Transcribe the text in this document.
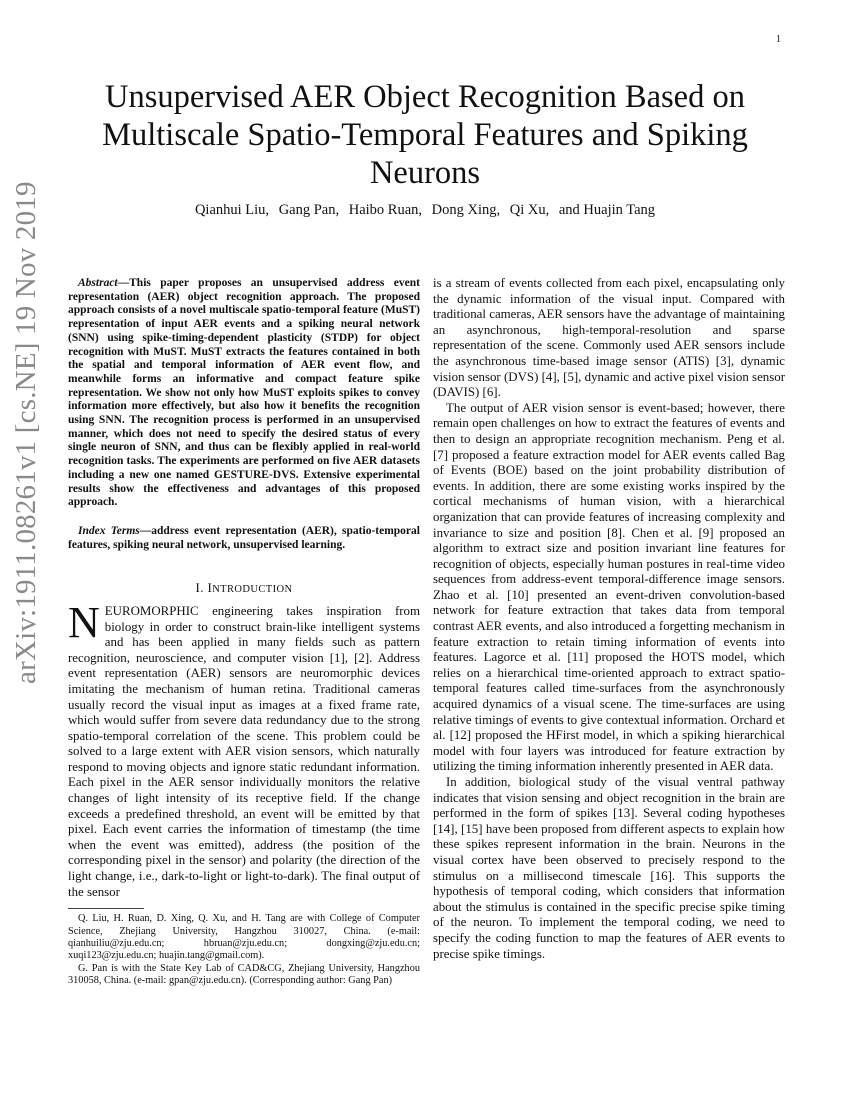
1
arXiv:1911.08261v1 [cs.NE] 19 Nov 2019
Unsupervised AER Object Recognition Based on Multiscale Spatio-Temporal Features and Spiking Neurons
Qianhui Liu, Gang Pan, Haibo Ruan, Dong Xing, Qi Xu, and Huajin Tang

Abstract—This paper proposes an unsupervised address event representation (AER) object recognition approach. The proposed approach consists of a novel multiscale spatio-temporal feature (MuST) representation of input AER events and a spiking neural network (SNN) using spike-timing-dependent plasticity (STDP) for object recognition with MuST. MuST extracts the features contained in both the spatial and temporal information of AER event flow, and meanwhile forms an informative and compact feature spike representation. We show not only how MuST exploits spikes to convey information more effectively, but also how it benefits the recognition using SNN. The recognition process is performed in an unsupervised manner, which does not need to specify the desired status of every single neuron of SNN, and thus can be flexibly applied in real-world recognition tasks. The experiments are performed on five AER datasets including a new one named GESTURE-DVS. Extensive experimental results show the effectiveness and advantages of this proposed approach.

Index Terms—address event representation (AER), spatio-temporal features, spiking neural network, unsupervised learning.

I. INTRODUCTION

NEUROMORPHIC engineering takes inspiration from biology in order to construct brain-like intelligent systems and has been applied in many fields such as pattern recognition, neuroscience, and computer vision [1], [2]. Address event representation (AER) sensors are neuromorphic devices imitating the mechanism of human retina. Traditional cameras usually record the visual input as images at a fixed frame rate, which would suffer from severe data redundancy due to the strong spatio-temporal correlation of the scene. This problem could be solved to a large extent with AER vision sensors, which naturally respond to moving objects and ignore static redundant information. Each pixel in the AER sensor individually monitors the relative changes of light intensity of its receptive field. If the change exceeds a predefined threshold, an event will be emitted by that pixel. Each event carries the information of timestamp (the time when the event was emitted), address (the position of the corresponding pixel in the sensor) and polarity (the direction of the light change, i.e., dark-to-light or light-to-dark). The final output of the sensor

Q. Liu, H. Ruan, D. Xing, Q. Xu, and H. Tang are with College of Computer Science, Zhejiang University, Hangzhou 310027, China. (e-mail: qianhuiliu@zju.edu.cn; hbruan@zju.edu.cn; dongxing@zju.edu.cn; xuqi123@zju.edu.cn; huajin.tang@gmail.com).

G. Pan is with the State Key Lab of CAD&CG, Zhejiang University, Hangzhou 310058, China. (e-mail: gpan@zju.edu.cn). (Corresponding author: Gang Pan)

is a stream of events collected from each pixel, encapsulating only the dynamic information of the visual input. Compared with traditional cameras, AER sensors have the advantage of maintaining an asynchronous, high-temporal-resolution and sparse representation of the scene. Commonly used AER sensors include the asynchronous time-based image sensor (ATIS) [3], dynamic vision sensor (DVS) [4], [5], dynamic and active pixel vision sensor (DAVIS) [6].

The output of AER vision sensor is event-based; however, there remain open challenges on how to extract the features of events and then to design an appropriate recognition mechanism. Peng et al. [7] proposed a feature extraction model for AER events called Bag of Events (BOE) based on the joint probability distribution of events. In addition, there are some existing works inspired by the cortical mechanisms of human vision, with a hierarchical organization that can provide features of increasing complexity and invariance to size and position [8]. Chen et al. [9] proposed an algorithm to extract size and position invariant line features for recognition of objects, especially human postures in real-time video sequences from address-event temporal-difference image sensors. Zhao et al. [10] presented an event-driven convolution-based network for feature extraction that takes data from temporal contrast AER events, and also introduced a forgetting mechanism in feature extraction to retain timing information of events into features. Lagorce et al. [11] proposed the HOTS model, which relies on a hierarchical time-oriented approach to extract spatio-temporal features called time-surfaces from the asynchronously acquired dynamics of a visual scene. The time-surfaces are using relative timings of events to give contextual information. Orchard et al. [12] proposed the HFirst model, in which a spiking hierarchical model with four layers was introduced for feature extraction by utilizing the timing information inherently presented in AER data.

In addition, biological study of the visual ventral pathway indicates that vision sensing and object recognition in the brain are performed in the form of spikes [13]. Several coding hypotheses [14], [15] have been proposed from different aspects to explain how these spikes represent information in the brain. Neurons in the visual cortex have been observed to precisely respond to the stimulus on a millisecond timescale [16]. This supports the hypothesis of temporal coding, which considers that information about the stimulus is contained in the specific precise spike timing of the neuron. To implement the temporal coding, we need to specify the coding function to map the features of AER events to precise spike timings.
